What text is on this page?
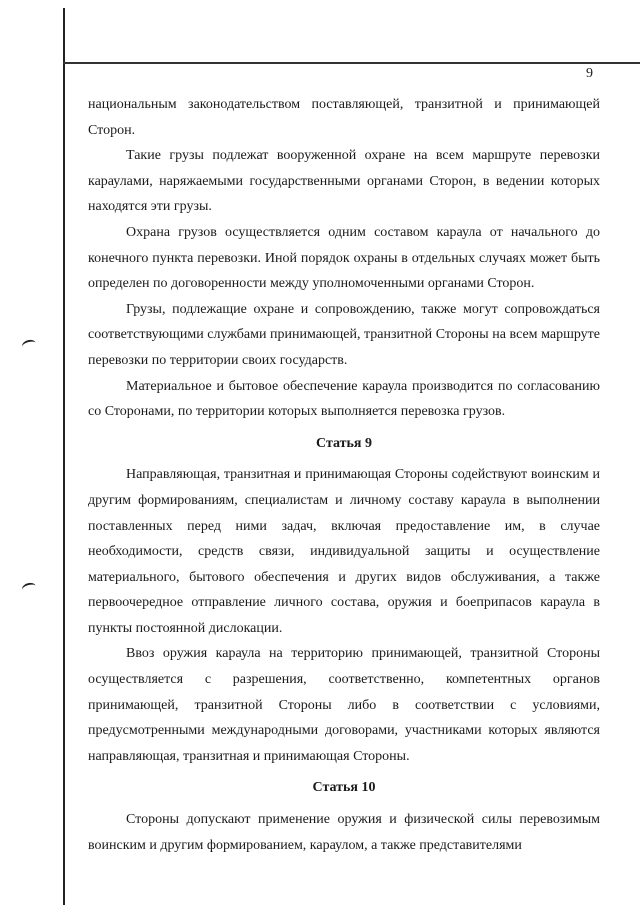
9

национальным законодательством поставляющей, транзитной и принимающей Сторон.

Такие грузы подлежат вооруженной охране на всем маршруте перевозки караулами, наряжаемыми государственными органами Сторон, в ведении которых находятся эти грузы.

Охрана грузов осуществляется одним составом караула от начального до конечного пункта перевозки. Иной порядок охраны в отдельных случаях может быть определен по договоренности между уполномоченными органами Сторон.

Грузы, подлежащие охране и сопровождению, также могут сопровождаться соответствующими службами принимающей, транзитной Стороны на всем маршруте перевозки по территории своих государств.

Материальное и бытовое обеспечение караула производится по согласованию со Сторонами, по территории которых выполняется перевозка грузов.

Статья 9

Направляющая, транзитная и принимающая Стороны содействуют воинским и другим формированиям, специалистам и личному составу караула в выполнении поставленных перед ними задач, включая предоставление им, в случае необходимости, средств связи, индивидуальной защиты и осуществление материального, бытового обеспечения и других видов обслуживания, а также первоочередное отправление личного состава, оружия и боеприпасов караула в пункты постоянной дислокации.

Ввоз оружия караула на территорию принимающей, транзитной Стороны осуществляется с разрешения, соответственно, компетентных органов принимающей, транзитной Стороны либо в соответствии с условиями, предусмотренными международными договорами, участниками которых являются направляющая, транзитная и принимающая Стороны.

Статья 10

Стороны допускают применение оружия и физической силы перевозимым воинским и другим формированием, караулом, а также представителями
